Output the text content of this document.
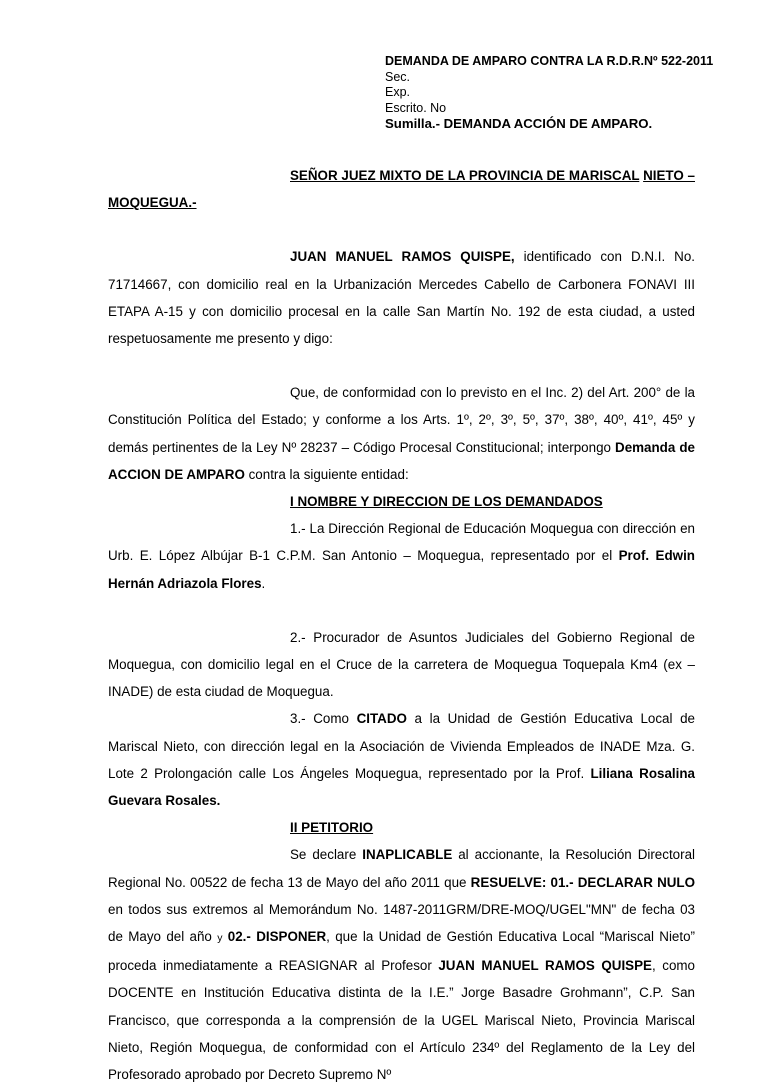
DEMANDA DE AMPARO CONTRA LA R.D.R.Nº 522-2011
Sec.
Exp.
Escrito. No
Sumilla.- DEMANDA ACCIÓN DE AMPARO.

SEÑOR JUEZ MIXTO DE LA PROVINCIA DE MARISCAL NIETO – MOQUEGUA.-

JUAN MANUEL RAMOS QUISPE, identificado con D.N.I. No. 71714667, con domicilio real en la Urbanización Mercedes Cabello de Carbonera FONAVI III ETAPA A-15 y con domicilio procesal en la calle San Martín No. 192 de esta ciudad, a usted respetuosamente me presento y digo:

Que, de conformidad con lo previsto en el Inc. 2) del Art. 200° de la Constitución Política del Estado; y conforme a los Arts. 1º, 2º, 3º, 5º, 37º, 38º, 40º, 41º, 45º y demás pertinentes de la Ley Nº 28237 – Código Procesal Constitucional; interpongo Demanda de ACCION DE AMPARO contra la siguiente entidad:

I NOMBRE Y DIRECCION DE LOS DEMANDADOS

1.- La Dirección Regional de Educación Moquegua con dirección en Urb. E. López Albújar B-1 C.P.M. San Antonio – Moquegua, representado por el Prof. Edwin Hernán Adriazola Flores.

2.- Procurador de Asuntos Judiciales del Gobierno Regional de Moquegua, con domicilio legal en el Cruce de la carretera de Moquegua Toquepala Km4 (ex – INADE) de esta ciudad de Moquegua.

3.- Como CITADO a la Unidad de Gestión Educativa Local de Mariscal Nieto, con dirección legal en la Asociación de Vivienda Empleados de INADE Mza. G. Lote 2 Prolongación calle Los Ángeles Moquegua, representado por la Prof. Liliana Rosalina Guevara Rosales.

II PETITORIO

Se declare INAPLICABLE al accionante, la Resolución Directoral Regional No. 00522 de fecha 13 de Mayo del año 2011 que RESUELVE: 01.- DECLARAR NULO en todos sus extremos al Memorándum No. 1487-2011GRM/DRE-MOQ/UGEL"MN" de fecha 03 de Mayo del año y 02.- DISPONER, que la Unidad de Gestión Educativa Local “Mariscal Nieto” proceda inmediatamente a REASIGNAR al Profesor JUAN MANUEL RAMOS QUISPE, como DOCENTE en Institución Educativa distinta de la I.E.” Jorge Basadre Grohmann”, C.P. San Francisco, que corresponda a la comprensión de la UGEL Mariscal Nieto, Provincia Mariscal Nieto, Región Moquegua, de conformidad con el Artículo 234º del Reglamento de la Ley del Profesorado aprobado por Decreto Supremo Nº
